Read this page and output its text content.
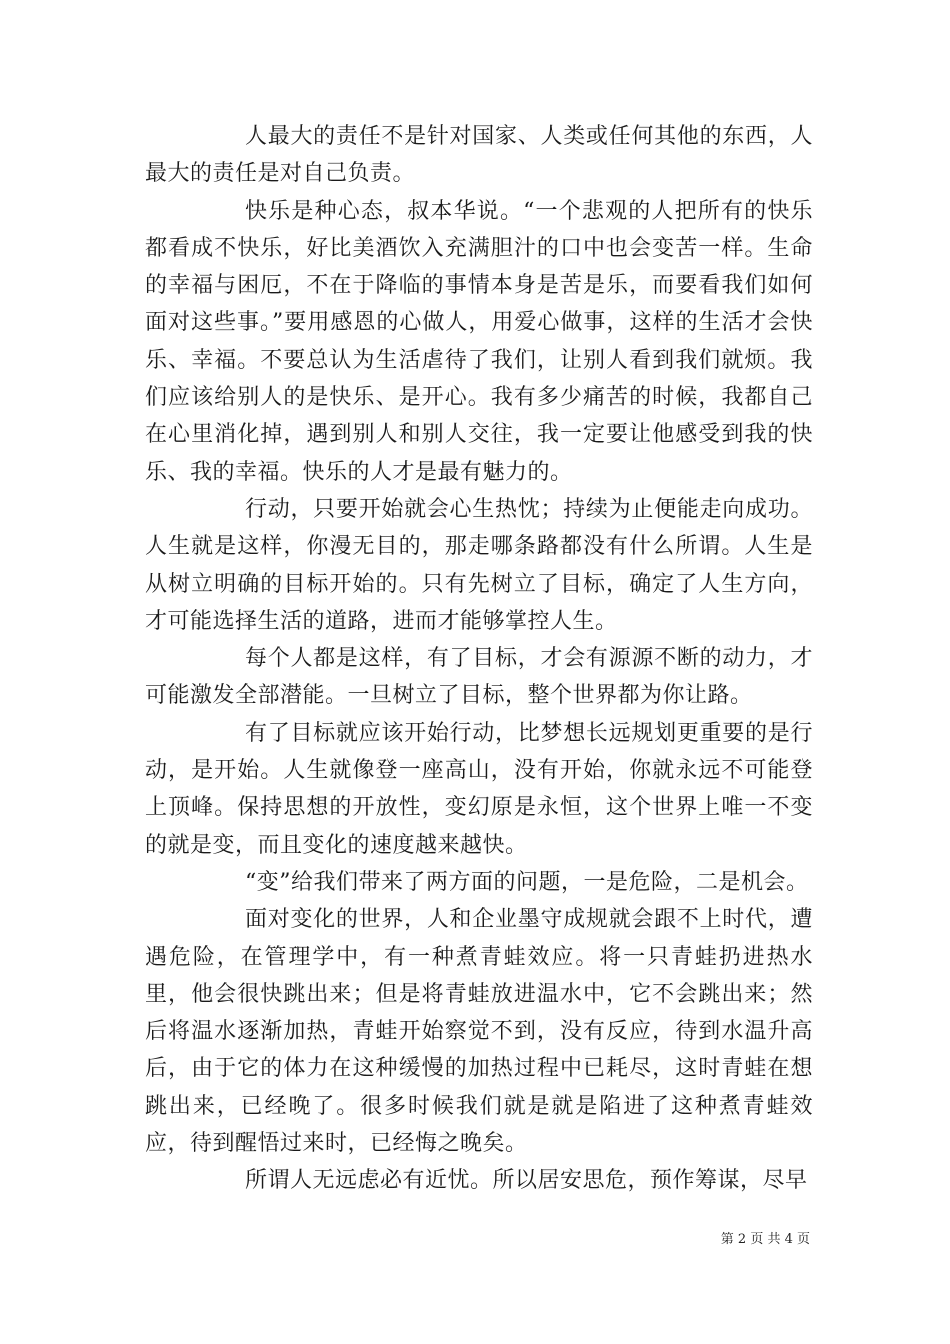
人最大的责任不是针对国家、人类或任何其他的东西，人最大的责任是对自己负责。

快乐是种心态，叔本华说。“一个悲观的人把所有的快乐都看成不快乐，好比美酒饮入充满胆汁的口中也会变苦一样。生命的幸福与困厄，不在于降临的事情本身是苦是乐，而要看我们如何面对这些事。”要用感恩的心做人，用爱心做事，这样的生活才会快乐、幸福。不要总认为生活虐待了我们，让别人看到我们就烦。我们应该给别人的是快乐、是开心。我有多少痛苦的时候，我都自己在心里消化掉，遇到别人和别人交往，我一定要让他感受到我的快乐、我的幸福。快乐的人才是最有魅力的。

行动，只要开始就会心生热忱；持续为止便能走向成功。人生就是这样，你漫无目的，那走哪条路都没有什么所谓。人生是从树立明确的目标开始的。只有先树立了目标，确定了人生方向，才可能选择生活的道路，进而才能够掌控人生。

每个人都是这样，有了目标，才会有源源不断的动力，才可能激发全部潜能。一旦树立了目标，整个世界都为你让路。

有了目标就应该开始行动，比梦想长远规划更重要的是行动，是开始。人生就像登一座高山，没有开始，你就永远不可能登上顶峰。保持思想的开放性，变幻原是永恒，这个世界上唯一不变的就是变，而且变化的速度越来越快。

“变”给我们带来了两方面的问题，一是危险，二是机会。

面对变化的世界，人和企业墨守成规就会跟不上时代，遭遇危险，在管理学中，有一种煮青蛙效应。将一只青蛙扔进热水里，他会很快跳出来；但是将青蛙放进温水中，它不会跳出来；然后将温水逐渐加热，青蛙开始察觉不到，没有反应，待到水温升高后，由于它的体力在这种缓慢的加热过程中已耗尽，这时青蛙在想跳出来，已经晚了。很多时候我们就是就是陷进了这种煮青蛙效应，待到醒悟过来时，已经悔之晚矣。

所谓人无远虑必有近忧。所以居安思危，预作筹谋，尽早

第 2 页 共 4 页
